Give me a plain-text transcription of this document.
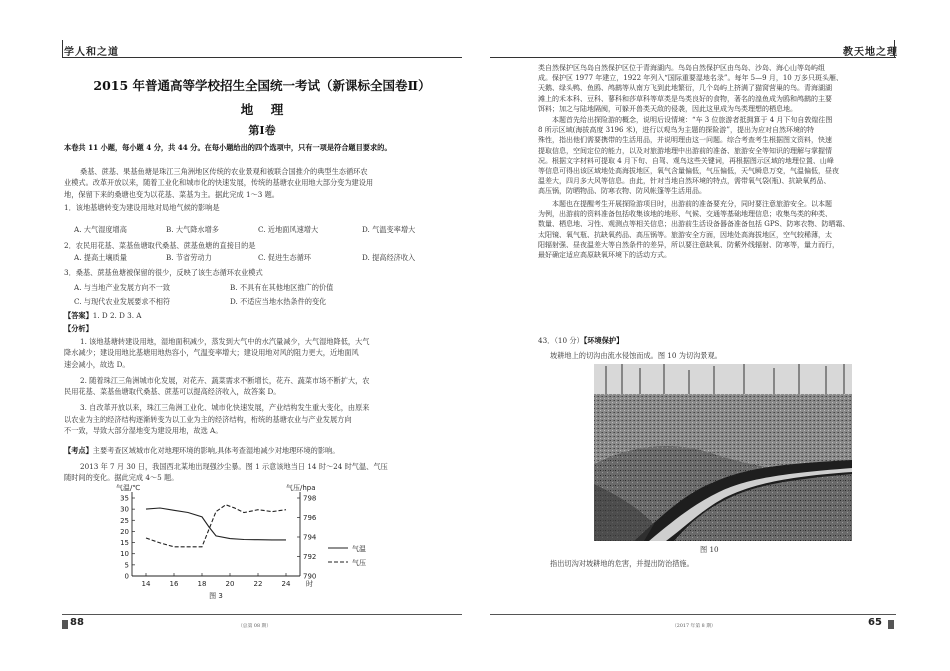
学人和之道	教天地之理
2015 年普通高等学校招生全国统一考试（新课标全国卷Ⅱ）
地    理
第Ⅰ卷
本卷共 11 小题，每小题 4 分，共 44 分。在每小题给出的四个选项中，只有一项是符合题目要求的。
桑基、蔗基、果基鱼塘是珠江三角洲地区传统的农业景观和被联合国推介的典型生态循环农
业模式。改革开放以来，随着工业化和城市化的快速发展，传统的基塘农业用地大部分变为建设用
地，保留下来的桑塘也变为以花基、菜基为主。据此完成 1～3 题。
1．该地基塘转变为建设用地对局地气候的影响是
A. 大气湿度增高	B. 大气降水增多	C. 近地面风速增大	D. 气温变率增大
2．农民用花基、菜基鱼塘取代桑基、蔗基鱼塘的直接目的是
A. 提高土壤质量	B. 节省劳动力	C. 促进生态循环	D. 提高经济收入
3．桑基、蔗基鱼塘被保留的很少，反映了该生态循环农业模式
A. 与当地产业发展方向不一致	B. 不具有在其他地区推广的价值
C. 与现代农业发展要求不相符	D. 不适应当地水热条件的变化
【答案】1. D 2. D 3. A
【分析】
1. 该地基塘转建设用地，湿地面积减少，蒸发到大气中的水汽量减少，大气湿地降低，大气
降水减少；建设用地比基塘用地热容小，气温变率增大；建设用地对风的阻力更大，近地面风
速会减小，故选 D。
2. 随着珠江三角洲城市化发展，对花卉、蔬菜需求不断增长，花卉、蔬菜市场不断扩大，农
民用花基、菜基鱼塘取代桑基、蔗基可以提高经济收入，故答案 D。
3. 自改革开放以来，珠江三角洲工业化、城市化快速发展，产业结构发生重大变化，由原来
以农业为主的经济结构逐渐转变为以工业为主的经济结构，桁统的基塘农业与产业发展方向
不一致，导致大部分湿地变为建设用地，故选 A。
【考点】主要考查区域城市化对地理环境的影响,具体考查湿地减少对地理环境的影响。
2013 年 7 月 30 日，我国西北某地出现强沙尘暴。图 1 示意该地当日 14 时～24 时气温、气压
随时间的变化。据此完成 4～5 题。
气温/℃	气压/hpa
35
30
25
20
15
10
5
0
798
796
794
792
790
14	16	18	20	22	24 时
气温
气压
图 3
类自然保护区鸟岛自然保护区位于青海湖内。鸟岛自然保护区由鸟岛、沙岛、海心山等岛屿组
成。保护区 1977 年建立，1922 年列入“国际重要湿地名录”。每年 5—9 月，10 万多只斑头雁、
天鹅、绿头鸭、鱼鸥、鸬鹚等从南方飞到此地繁衍，几个岛屿上挤满了猫窝营巢的鸟。青海湖湖
滩上的禾本科、豆科、蓼科和莎草科等草类是鸟类良好的食物，著名的湟鱼成为鸥和鸬鹚的主要
饵料；加之与陆地隔阂，可躲开兽类天敌的侵袭，因此这里成为鸟类理想的栖息地。
本题首先给出探险游的概念，说明后设情境：“车 3 位旅游者抵拥算于 4 月下旬自敦煌往图
8 所示区域(海拔高度 3196 米)，进行以观鸟为主题的探险游”，提出为应对自然环境的特
殊性，指出他们需要携带的生活用品，并说明理由这一问题。综合考查考生根据图文资料，快速
提取信息，空间定位的能力，以及对旅游地理中出游前的准备、旅游安全等知识的理解与掌握情
况。根据文字材料可提取 4 月下旬、自驾、观鸟这些关键词，再根据图示区域的地理位置、山峰
等信息可得出该区域地处高海拔地区，氧气含量偏低，气压偏低，天气瞬息万变，气温偏低，昼夜
温差大，四月多大风等信息。由此，针对当地自然环境的特点，需带氧气袋(瓶)、抗缺氧药品、
高压锅，防晒物品、防寒衣物、防风帐篷等生活用品。
本题也在提醒考生开展探险游项目时，出游前的准备要充分，同时要注意旅游安全。以本题
为例，出游前的资料准备包括收集该地的地形、气候、交通等基础地理信息；收集鸟类的种类、
数量、栖息地、习性、观测点等相关信息；出游前生活设备器备准备包括 GPS、防寒衣物、防晒霜、
太阳镜、氧气瓶、抗缺氧药品、高压锅等。旅游安全方面，因地处高海拔地区，空气较稀薄，太
阳辐射强、昼夜温差大等自然条件的差异，所以要注意缺氧、防紫外线辐射、防寒等，量力而行，
最好确定适应高原缺氧环境下的活动方式。
43．（10 分）【环境保护】
坡耕地上的切沟由流水侵蚀而成。图 10 为切沟景观。
图 10
指出切沟对坡耕地的危害，并提出防治措施。
88	（总第 08 期）	（2017 年第 8 期）	65
